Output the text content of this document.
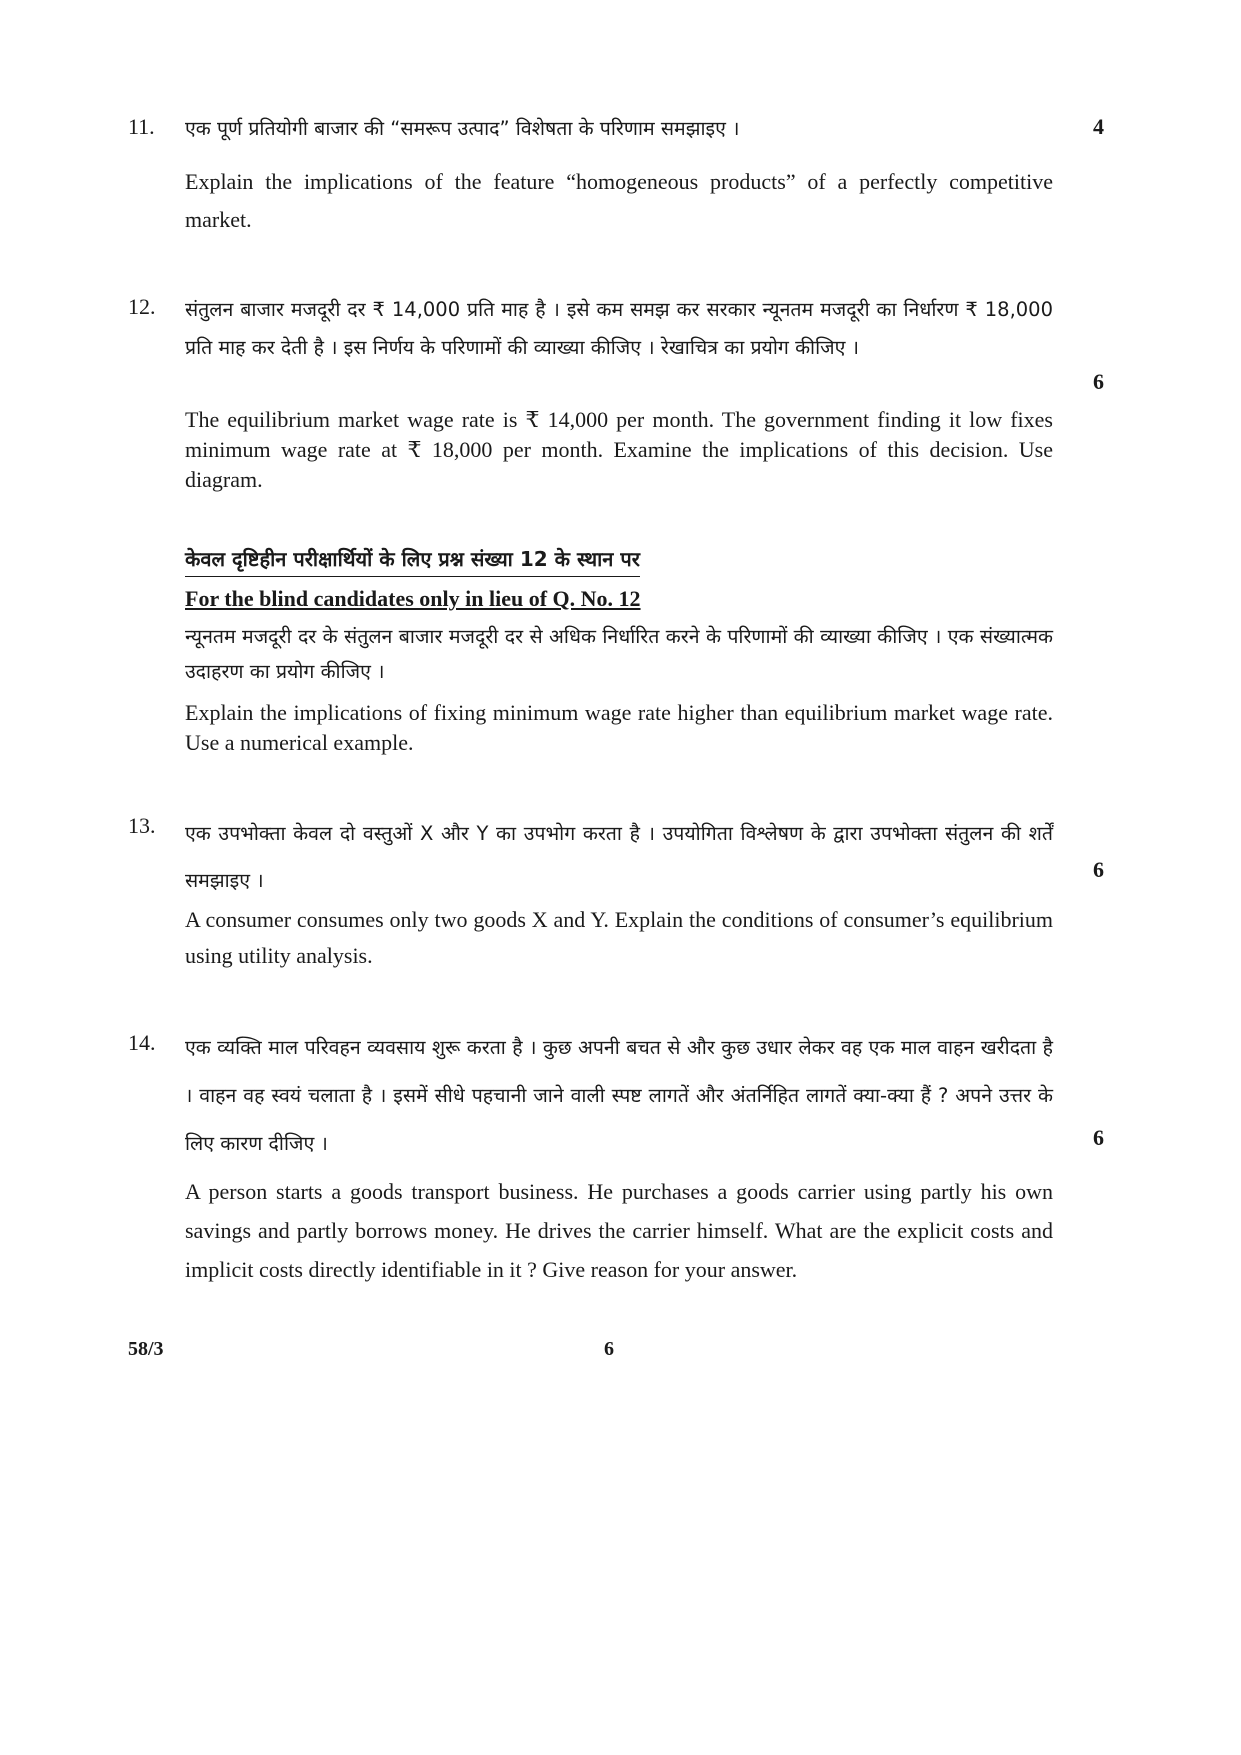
11. एक पूर्ण प्रतियोगी बाजार की “समरूप उत्पाद” विशेषता के परिणाम समझाइए ।	4

Explain the implications of the feature “homogeneous products” of a perfectly competitive market.

12. संतुलन बाजार मजदूरी दर ₹ 14,000 प्रति माह है । इसे कम समझ कर सरकार न्यूनतम मजदूरी का निर्धारण ₹ 18,000 प्रति माह कर देती है । इस निर्णय के परिणामों की व्याख्या कीजिए । रेखाचित्र का प्रयोग कीजिए ।

6

The equilibrium market wage rate is ₹ 14,000 per month. The government finding it low fixes minimum wage rate at ₹ 18,000 per month. Examine the implications of this decision. Use diagram.

केवल दृष्टिहीन परीक्षार्थियों के लिए प्रश्न संख्या 12 के स्थान पर
For the blind candidates only in lieu of Q. No. 12

न्यूनतम मजदूरी दर के संतुलन बाजार मजदूरी दर से अधिक निर्धारित करने के परिणामों की व्याख्या कीजिए । एक संख्यात्मक उदाहरण का प्रयोग कीजिए ।

Explain the implications of fixing minimum wage rate higher than equilibrium market wage rate. Use a numerical example.

13. एक उपभोक्ता केवल दो वस्तुओं X और Y का उपभोग करता है । उपयोगिता विश्लेषण के द्वारा उपभोक्ता संतुलन की शर्तें समझाइए ।	6

A consumer consumes only two goods X and Y. Explain the conditions of consumer’s equilibrium using utility analysis.

14. एक व्यक्ति माल परिवहन व्यवसाय शुरू करता है । कुछ अपनी बचत से और कुछ उधार लेकर वह एक माल वाहन खरीदता है । वाहन वह स्वयं चलाता है । इसमें सीधे पहचानी जाने वाली स्पष्ट लागतें और अंतर्निहित लागतें क्या-क्या हैं ? अपने उत्तर के लिए कारण दीजिए ।	6

A person starts a goods transport business. He purchases a goods carrier using partly his own savings and partly borrows money. He drives the carrier himself. What are the explicit costs and implicit costs directly identifiable in it ? Give reason for your answer.

58/3	6
